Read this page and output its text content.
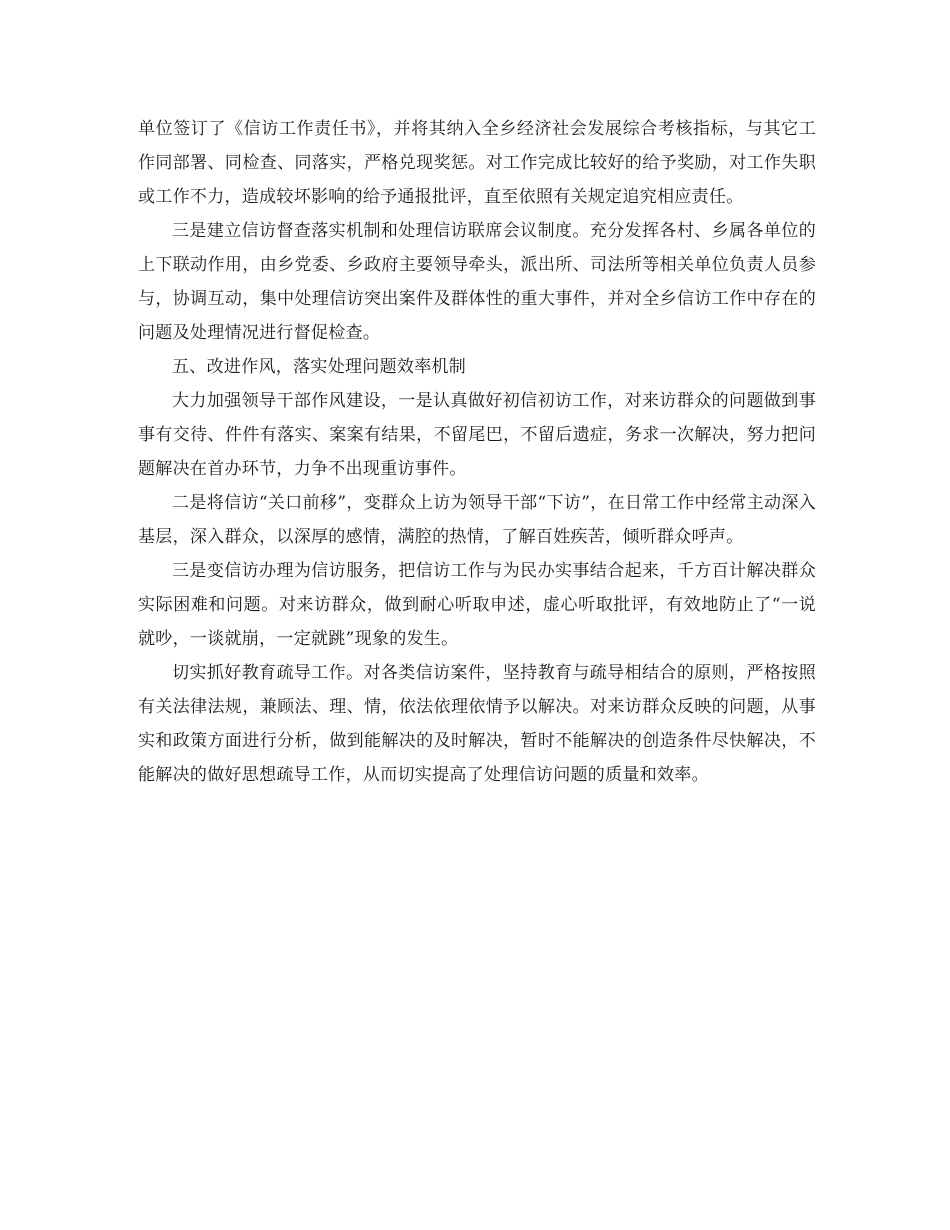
单位签订了《信访工作责任书》，并将其纳入全乡经济社会发展综合考核指标，与其它工作同部署、同检查、同落实，严格兑现奖惩。对工作完成比较好的给予奖励，对工作失职或工作不力，造成较坏影响的给予通报批评，直至依照有关规定追究相应责任。

三是建立信访督查落实机制和处理信访联席会议制度。充分发挥各村、乡属各单位的上下联动作用，由乡党委、乡政府主要领导牵头，派出所、司法所等相关单位负责人员参与，协调互动，集中处理信访突出案件及群体性的重大事件，并对全乡信访工作中存在的问题及处理情况进行督促检查。

五、改进作风，落实处理问题效率机制

大力加强领导干部作风建设，一是认真做好初信初访工作，对来访群众的问题做到事事有交待、件件有落实、案案有结果，不留尾巴，不留后遗症，务求一次解决，努力把问题解决在首办环节，力争不出现重访事件。

二是将信访“关口前移”，变群众上访为领导干部“下访”，在日常工作中经常主动深入基层，深入群众，以深厚的感情，满腔的热情，了解百姓疾苦，倾听群众呼声。

三是变信访办理为信访服务，把信访工作与为民办实事结合起来，千方百计解决群众实际困难和问题。对来访群众，做到耐心听取申述，虚心听取批评，有效地防止了“一说就吵，一谈就崩，一定就跳”现象的发生。

切实抓好教育疏导工作。对各类信访案件，坚持教育与疏导相结合的原则，严格按照有关法律法规，兼顾法、理、情，依法依理依情予以解决。对来访群众反映的问题，从事实和政策方面进行分析，做到能解决的及时解决，暂时不能解决的创造条件尽快解决，不能解决的做好思想疏导工作，从而切实提高了处理信访问题的质量和效率。
